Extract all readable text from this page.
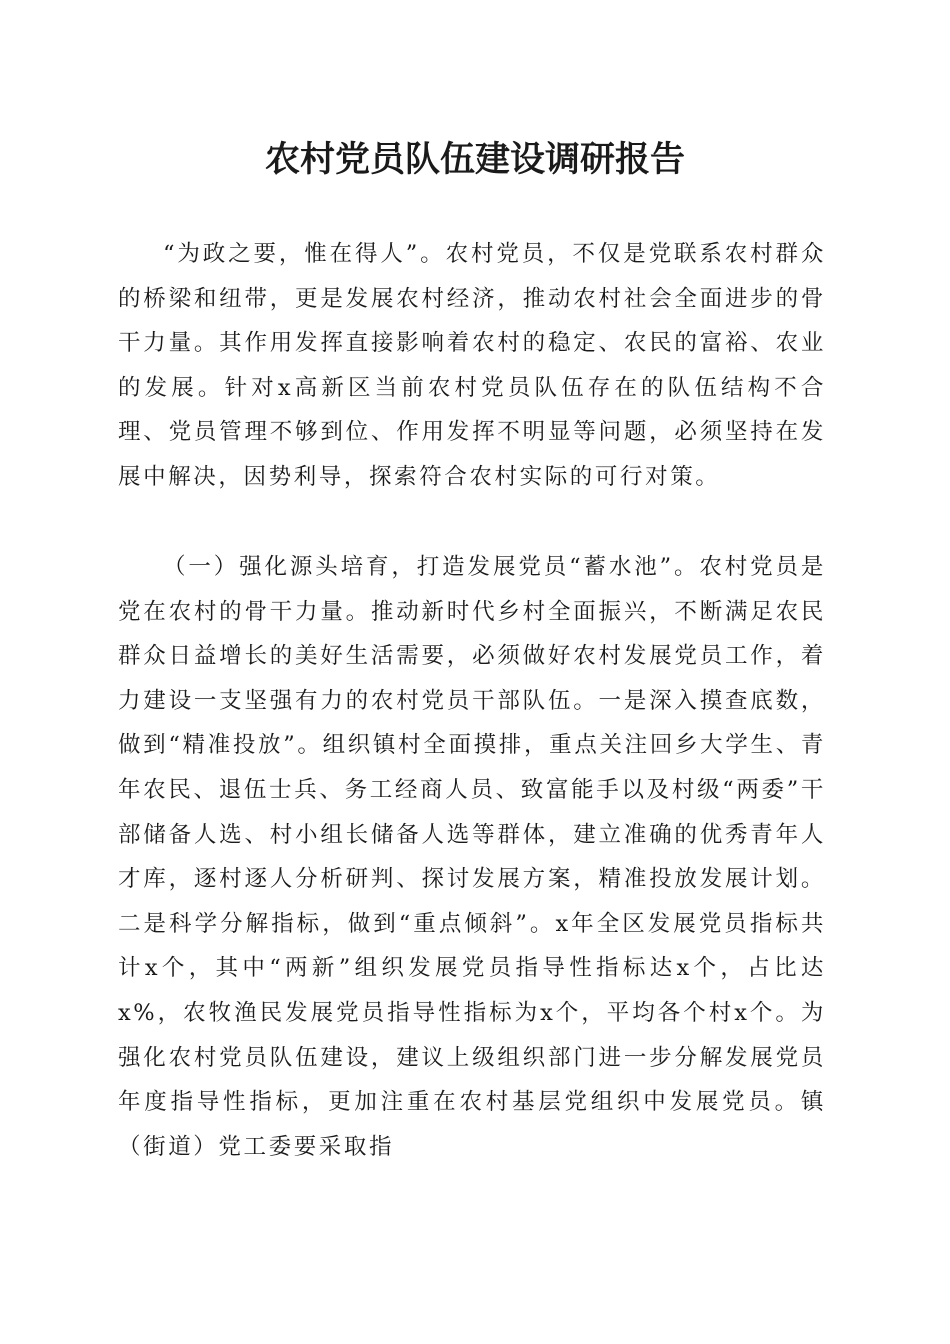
农村党员队伍建设调研报告

“为政之要，惟在得人”。农村党员，不仅是党联系农村群众的桥梁和纽带，更是发展农村经济，推动农村社会全面进步的骨干力量。其作用发挥直接影响着农村的稳定、农民的富裕、农业的发展。针对x高新区当前农村党员队伍存在的队伍结构不合理、党员管理不够到位、作用发挥不明显等问题，必须坚持在发展中解决，因势利导，探索符合农村实际的可行对策。

（一）强化源头培育，打造发展党员“蓄水池”。农村党员是党在农村的骨干力量。推动新时代乡村全面振兴，不断满足农民群众日益增长的美好生活需要，必须做好农村发展党员工作，着力建设一支坚强有力的农村党员干部队伍。一是深入摸查底数，做到“精准投放”。组织镇村全面摸排，重点关注回乡大学生、青年农民、退伍士兵、务工经商人员、致富能手以及村级“两委”干部储备人选、村小组长储备人选等群体，建立准确的优秀青年人才库，逐村逐人分析研判、探讨发展方案，精准投放发展计划。二是科学分解指标，做到“重点倾斜”。x年全区发展党员指标共计x个，其中“两新”组织发展党员指导性指标达x个，占比达x%，农牧渔民发展党员指导性指标为x个，平均各个村x个。为强化农村党员队伍建设，建议上级组织部门进一步分解发展党员年度指导性指标，更加注重在农村基层党组织中发展党员。镇（街道）党工委要采取指
